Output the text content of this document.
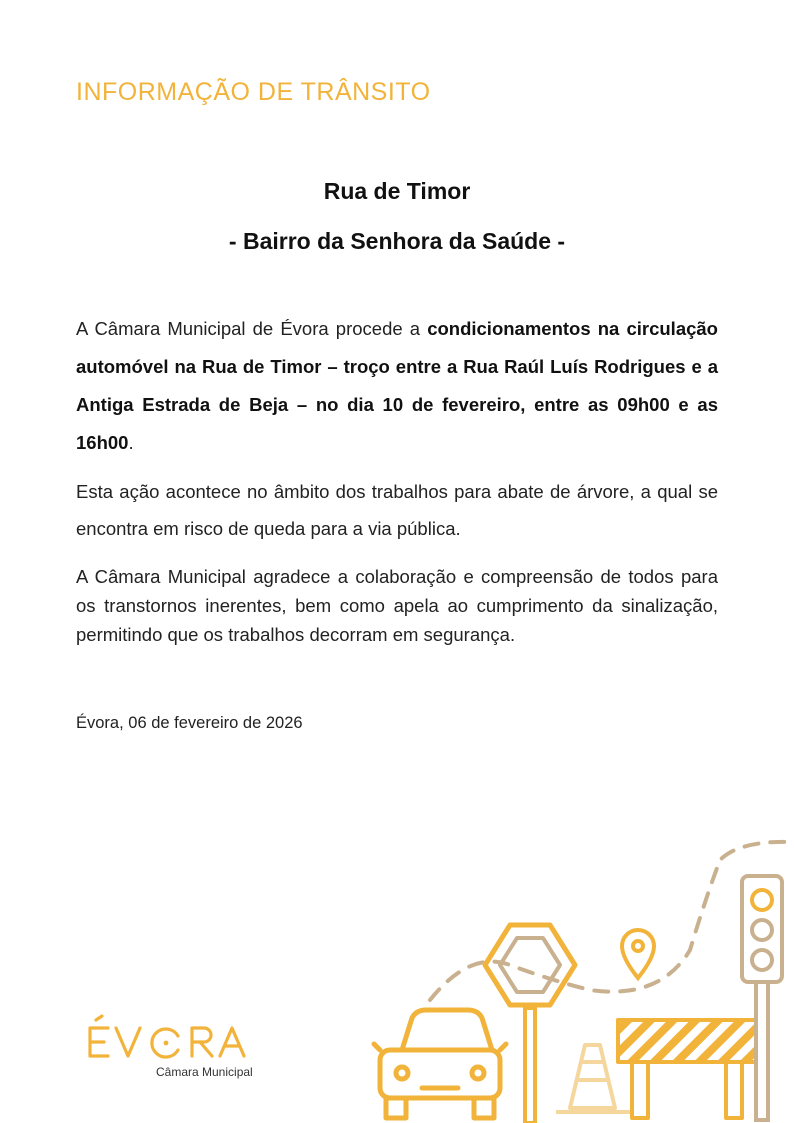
INFORMAÇÃO DE TRÂNSITO
Rua de Timor
- Bairro da Senhora da Saúde -
A Câmara Municipal de Évora procede a condicionamentos na circulação automóvel na Rua de Timor – troço entre a Rua Raúl Luís Rodrigues e a Antiga Estrada de Beja – no dia 10 de fevereiro, entre as 09h00 e as 16h00.
Esta ação acontece no âmbito dos trabalhos para abate de árvore, a qual se encontra em risco de queda para a via pública.
A Câmara Municipal agradece a colaboração e compreensão de todos para os transtornos inerentes, bem como apela ao cumprimento da sinalização, permitindo que os trabalhos decorram em segurança.
Évora, 06 de fevereiro de 2026
Câmara Municipal
